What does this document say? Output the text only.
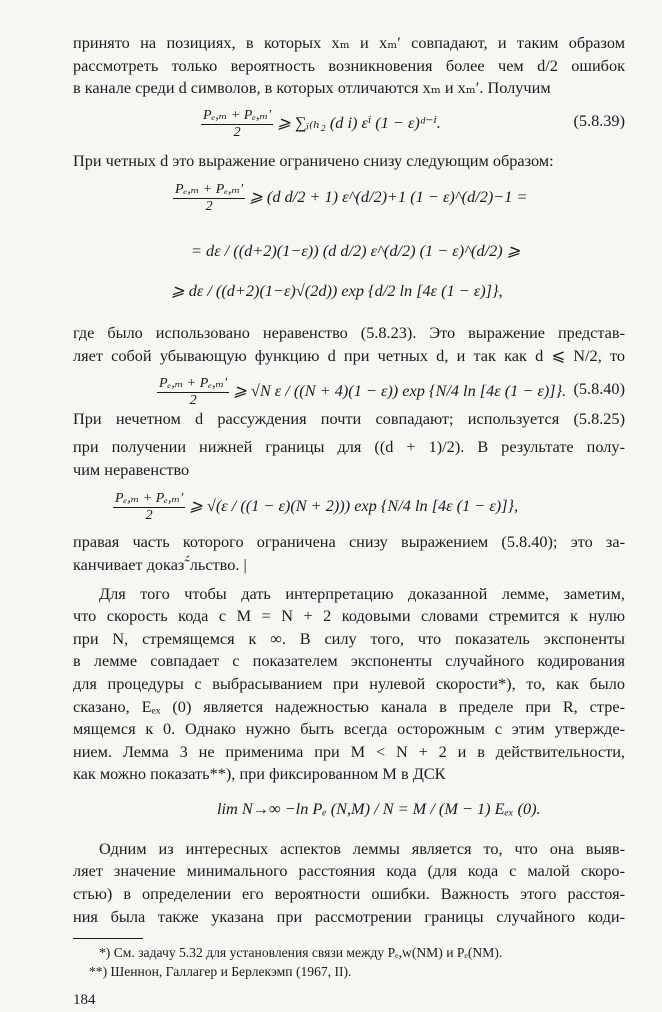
принято на позициях, в которых xₘ и xₘ′ совпадают, и таким образом

рассмотреть только вероятность возникновения более чем d/2 ошибок

в канале среди d символов, в которых отличаются xₘ и xₘ′. Получим

$\frac{\text{Pₑ,ₘ + Pₑ,ₘ′}}{2}$ ⩾ ∑ᵢ₍ₕ₂ (d i) εⁱ (1 − ε)ᵈ⁻ⁱ.	(5.8.39)

При четных d это выражение ограничено снизу следующим образом:

$\frac{\text{Pₑ,ₘ + Pₑ,ₘ′}}{2}$ ⩾ (d d/2 + 1) ε^(d/2)+1 (1 − ε)^(d/2)−1 =
= dε / ((d+2)(1−ε)) (d d/2) ε^(d/2) (1 − ε)^(d/2) ⩾
⩾ dε / ((d+2)(1−ε)√(2d)) exp {d/2 ln [4ε (1 − ε)]},

где было использовано неравенство (5.8.23). Это выражение представ-

ляет собой убывающую функцию d при четных d, и так как d ⩽ N/2, то

$\frac{\text{Pₑ,ₘ + Pₑ,ₘ′}}{2}$ ⩾ √N ε / ((N + 4)(1 − ε)) exp {N/4 ln [4ε (1 − ε)]}. (5.8.40)

При нечетном d рассуждения почти совпадают; используется (5.8.25)

при получении нижней границы для ((d + 1)/2). В результате полу-

чим неравенство

$\frac{\text{Pₑ,ₘ + Pₑ,ₘ′}}{2}$ ⩾ √(ε / ((1 − ε)(N + 2))) exp {N/4 ln [4ε (1 − ε)]},

правая часть которого ограничена снизу выражением (5.8.40); это за-

канчивает доказ˜́льство. |

Для того чтобы дать интерпретацию доказанной лемме, заметим,

что скорость кода с M = N + 2 кодовыми словами стремится к нулю

при N, стремящемся к ∞. В силу того, что показатель экспоненты

в лемме совпадает с показателем экспоненты случайного кодирования

для процедуры с выбрасыванием при нулевой скорости*), то, как было

сказано, Eₑₓ (0) является надежностью канала в пределе при R, стре-

мящемся к 0. Однако нужно быть всегда осторожным с этим утвержде-

нием. Лемма 3 не применима при M < N + 2 и в действительности,

как можно показать**), при фиксированном M в ДСК

lim N→∞ −ln Pₑ (N,M) / N = M / (M − 1) Eₑₓ (0).

Одним из интересных аспектов леммы является то, что она выяв-

ляет значение минимального расстояния кода (для кода с малой скоро-

стью) в определении его вероятности ошибки. Важность этого расстоя-

ния была также указана при рассмотрении границы случайного коди-

*) См. задачу 5.32 для установления связи между Pₑ,w(NM) и Pₑ(NM).
**) Шеннон, Галлагер и Берлекэмп (1967, II).
184
